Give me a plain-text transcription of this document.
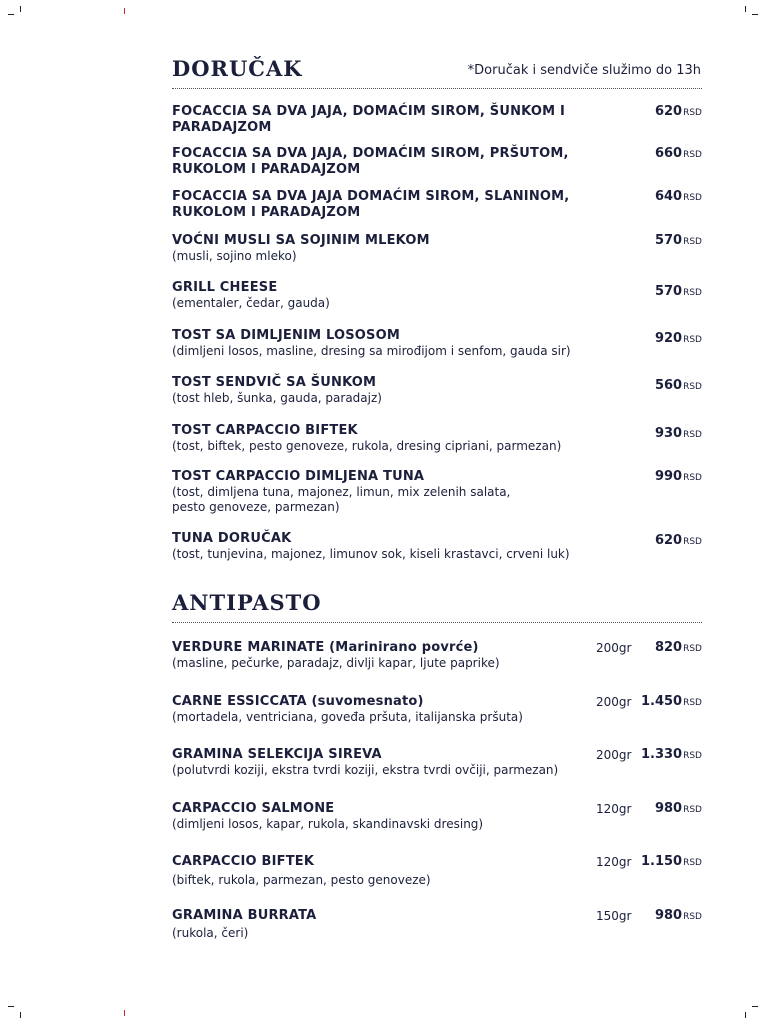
DORUČAK	*Doručak i sendviče služimo do 13h
FOCACCIA SA DVA JAJA, DOMAĆIM SIROM, ŠUNKOM I PARADAJZOM
620RSD
FOCACCIA SA DVA JAJA, DOMAĆIM SIROM, PRŠUTOM, RUKOLOM I PARADAJZOM
660RSD
FOCACCIA SA DVA JAJA DOMAĆIM SIROM, SLANINOM, RUKOLOM I PARADAJZOM
640RSD
VOĆNI MUSLI SA SOJINIM MLEKOM
(musli, sojino mleko)
570RSD
GRILL CHEESE
(ementaler, čedar, gauda)
570RSD
TOST SA DIMLJENIM LOSOSOM
(dimljeni losos, masline, dresing sa mirođijom i senfom, gauda sir)
920RSD
TOST SENDVIČ SA ŠUNKOM
(tost hleb, šunka, gauda, paradajz)
560RSD
TOST CARPACCIO BIFTEK
(tost, biftek, pesto genoveze, rukola, dresing cipriani, parmezan)
930RSD
TOST CARPACCIO DIMLJENA TUNA
(tost, dimljena tuna, majonez, limun, mix zelenih salata, pesto genoveze, parmezan)
990RSD
TUNA DORUČAK
(tost, tunjevina, majonez, limunov sok, kiseli krastavci, crveni luk)
620RSD
ANTIPASTO
VERDURE MARINATE (Marinirano povrće)
(masline, pečurke, paradajz, divlji kapar, ljute paprike)
200gr 820RSD
CARNE ESSICCATA (suvomesnato)
(mortadela, ventriciana, goveđa pršuta, italijanska pršuta)
200gr 1.450RSD
GRAMINA SELEKCIJA SIREVA
(polutvrdi koziji, ekstra tvrdi koziji, ekstra tvrdi ovčiji, parmezan)
200gr 1.330RSD
CARPACCIO SALMONE
(dimljeni losos, kapar, rukola, skandinavski dresing)
120gr 980RSD
CARPACCIO BIFTEK
(biftek, rukola, parmezan, pesto genoveze)
120gr 1.150RSD
GRAMINA BURRATA
(rukola, čeri)
150gr 980RSD
